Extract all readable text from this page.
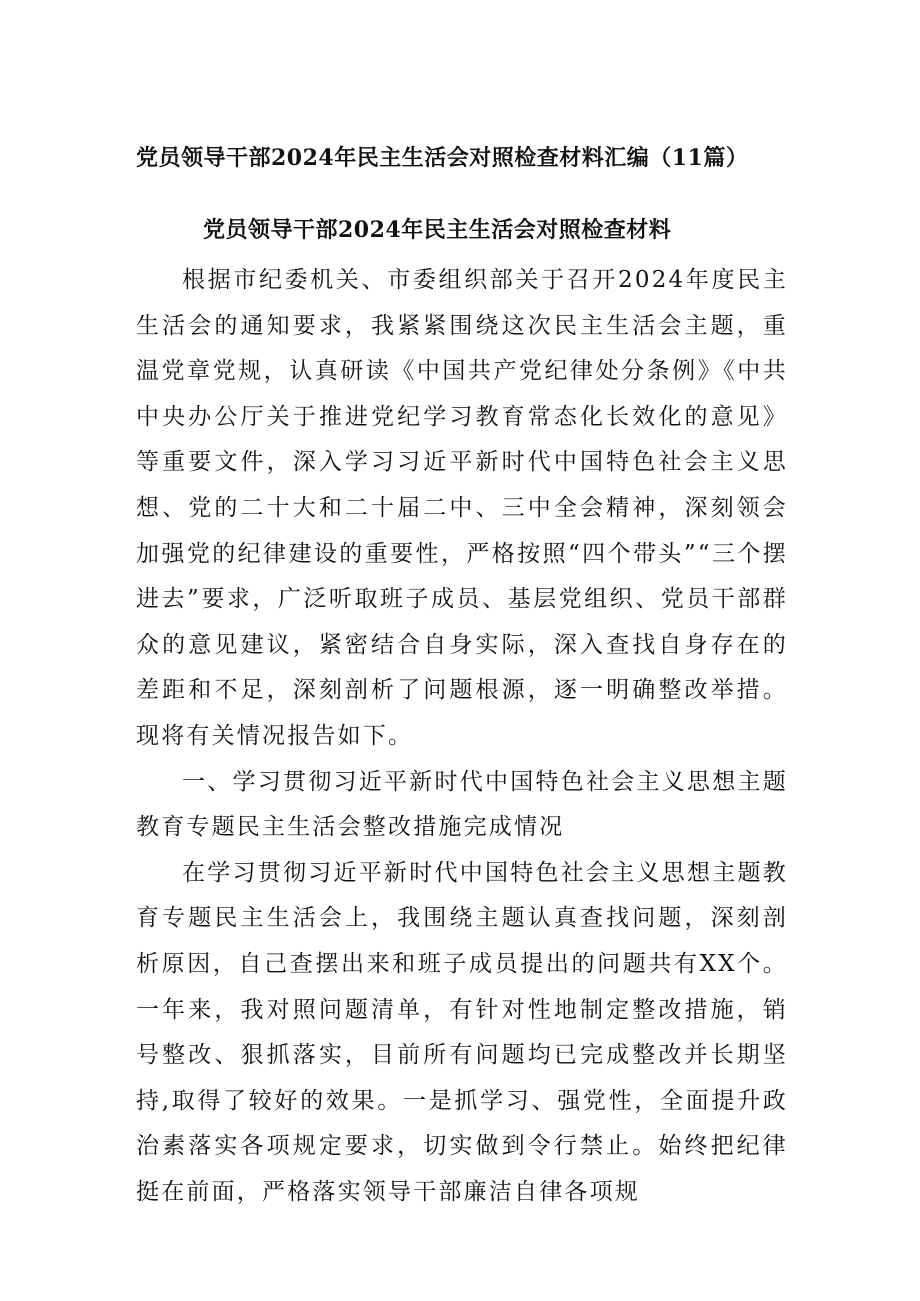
党员领导干部2024年民主生活会对照检查材料汇编（11篇）
党员领导干部2024年民主生活会对照检查材料

根据市纪委机关、市委组织部关于召开2024年度民主生活会的通知要求，我紧紧围绕这次民主生活会主题，重温党章党规，认真研读《中国共产党纪律处分条例》《中共中央办公厅关于推进党纪学习教育常态化长效化的意见》等重要文件，深入学习习近平新时代中国特色社会主义思想、党的二十大和二十届二中、三中全会精神，深刻领会加强党的纪律建设的重要性，严格按照“四个带头”“三个摆进去”要求，广泛听取班子成员、基层党组织、党员干部群众的意见建议，紧密结合自身实际，深入查找自身存在的差距和不足，深刻剖析了问题根源，逐一明确整改举措。现将有关情况报告如下。

一、学习贯彻习近平新时代中国特色社会主义思想主题教育专题民主生活会整改措施完成情况

在学习贯彻习近平新时代中国特色社会主义思想主题教育专题民主生活会上，我围绕主题认真查找问题，深刻剖析原因，自己查摆出来和班子成员提出的问题共有XX个。一年来，我对照问题清单，有针对性地制定整改措施，销号整改、狠抓落实，目前所有问题均已完成整改并长期坚持,取得了较好的效果。一是抓学习、强党性，全面提升政治素落实各项规定要求，切实做到令行禁止。始终把纪律挺在前面，严格落实领导干部廉洁自律各项规
